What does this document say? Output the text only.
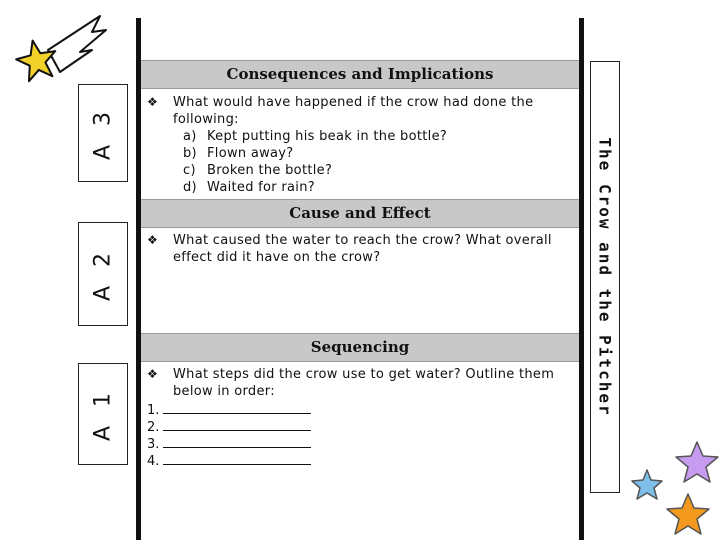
Consequences and Implications
A 3
❖ What would have happened if the crow had done the following:
a) Kept putting his beak in the bottle?
b) Flown away?
c) Broken the bottle?
d) Waited for rain?
Cause and Effect
A 2
❖ What caused the water to reach the crow? What overall effect did it have on the crow?
Sequencing
A 1
❖ What steps did the crow use to get water? Outline them below in order:
1.
2.
3.
4.
The Crow and the Pitcher
